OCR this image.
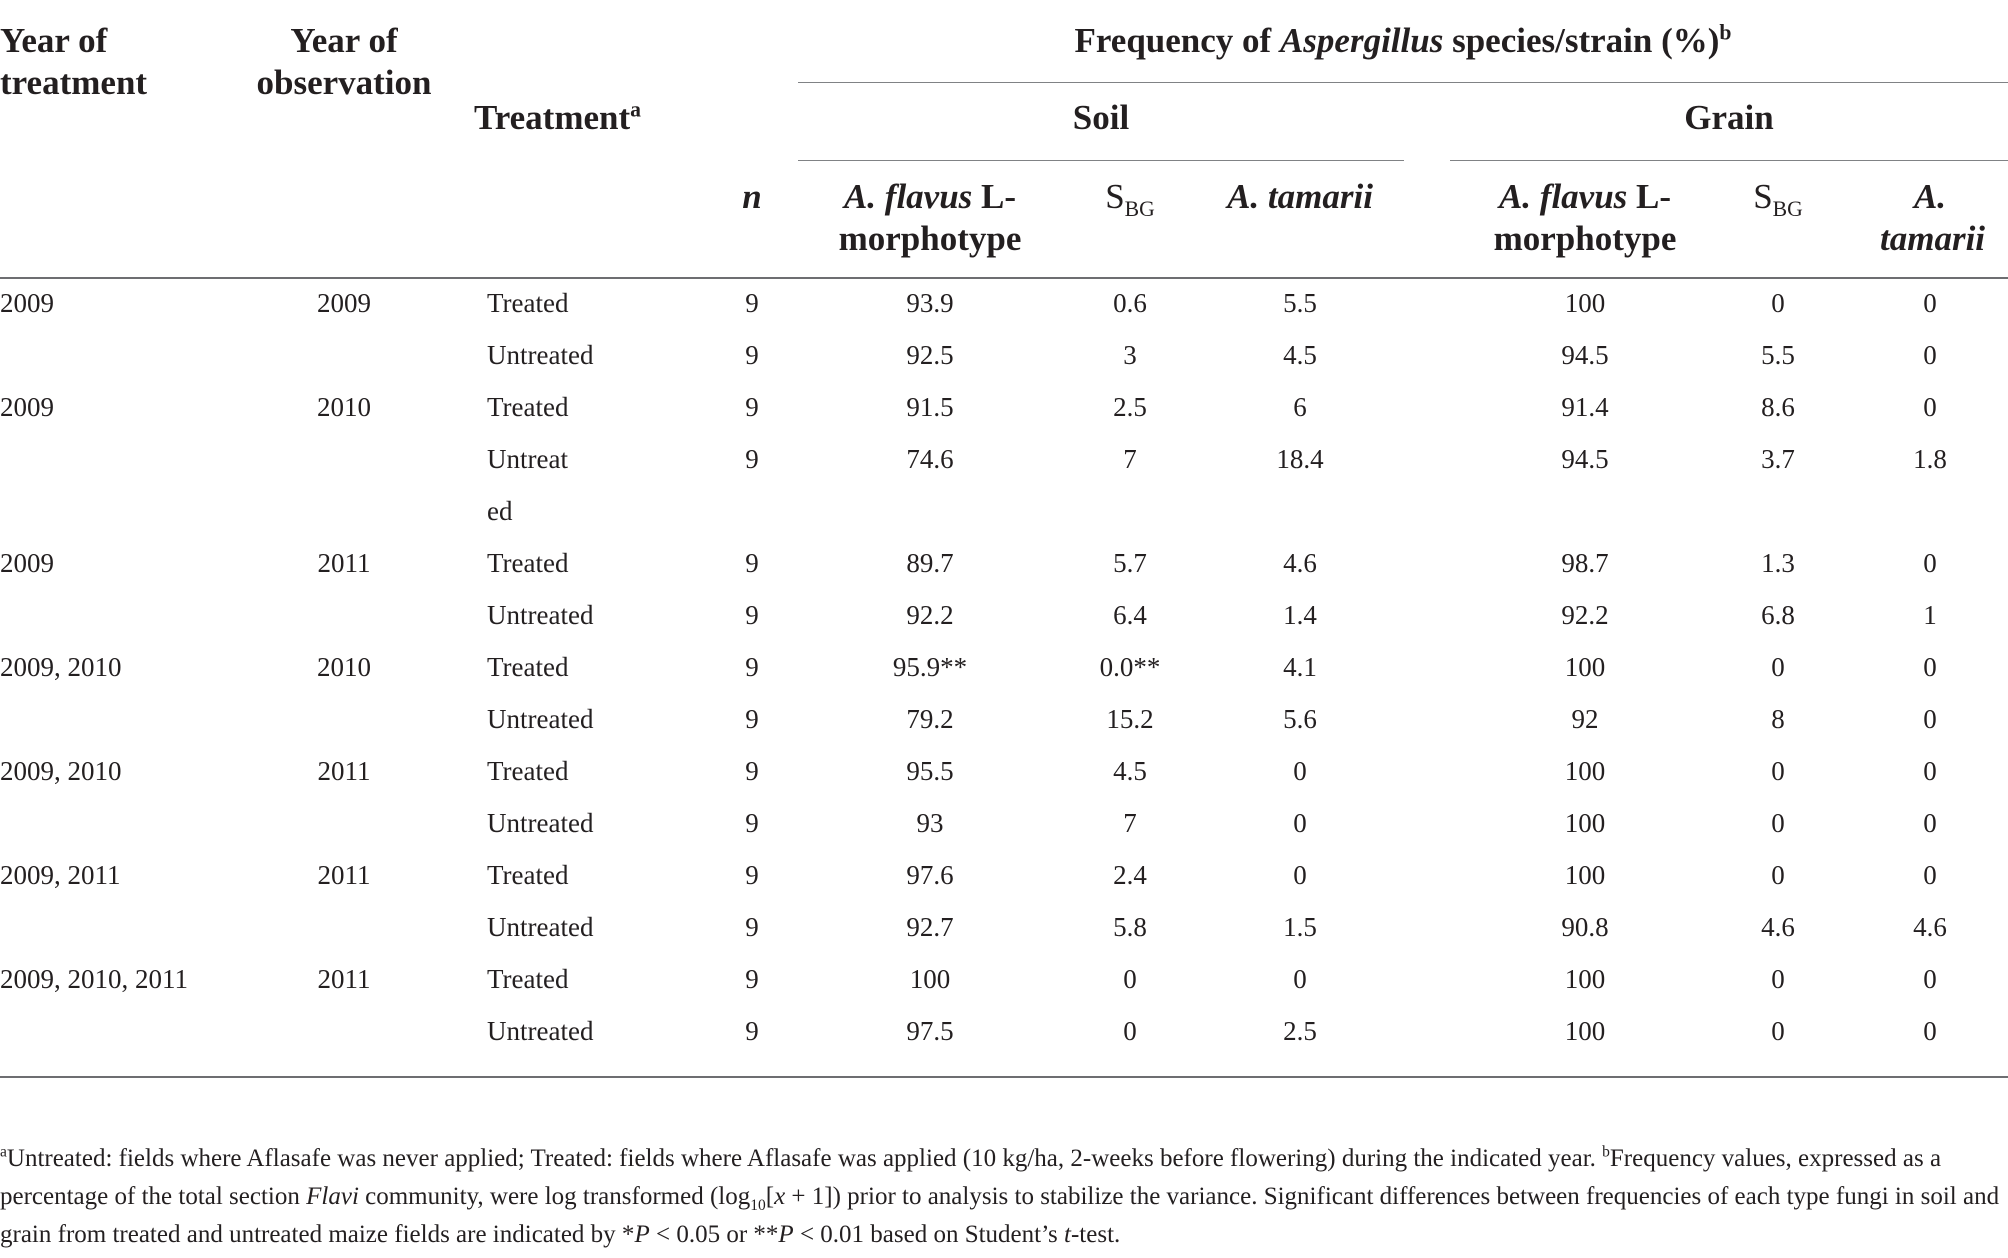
Year of
treatment
Year of
observation
Treatment$^a$
Frequency of Aspergillus species/strain (%)$^b$
Soil	Grain
n	A. flavus L-
morphotype
$S_{BG}$	A. tamarii	A. flavus L-
morphotype
$S_{BG}$	A.
tamarii
2009	2009	Treated	9	93.9	0.6	5.5	100	0	0
Untreated	9	92.5	3	4.5	94.5	5.5	0
2009	2010	Treated	9	91.5	2.5	6	91.4	8.6	0
Untreat	9	74.6	7	18.4	94.5	3.7	1.8
ed
2009	2011	Treated	9	89.7	5.7	4.6	98.7	1.3	0
Untreated	9	92.2	6.4	1.4	92.2	6.8	1
2009, 2010	2010	Treated	9	95.9**	0.0**	4.1	100	0	0
Untreated	9	79.2	15.2	5.6	92	8	0
2009, 2010	2011	Treated	9	95.5	4.5	0	100	0	0
Untreated	9	93	7	0	100	0	0
2009, 2011	2011	Treated	9	97.6	2.4	0	100	0	0
Untreated	9	92.7	5.8	1.5	90.8	4.6	4.6
2009, 2010, 2011	2011	Treated	9	100	0	0	100	0	0
Untreated	9	97.5	0	2.5	100	0	0
$^a$Untreated: fields where Aflasafe was never applied; Treated: fields where Aflasafe was applied (10 kg/ha, 2-weeks before flowering) during the indicated year. $^b$Frequency values, expressed as a percentage of the total section Flavi community, were log transformed $(\log_{10}[x + 1])$ prior to analysis to stabilize the variance. Significant differences between frequencies of each type fungi in soil and grain from treated and untreated maize fields are indicated by *P < 0.05 or **P < 0.01 based on Student’s t-test.
